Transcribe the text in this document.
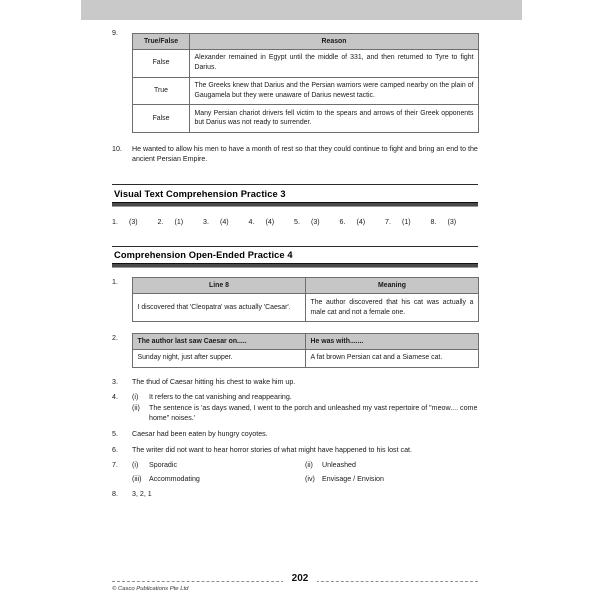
9.
True/False	Reason
False	Alexander remained in Egypt until the middle of 331, and then returned to Tyre to fight Darius.
True	The Greeks knew that Darius and the Persian warriors were camped nearby on the plain of Gaugamela but they were unaware of Darius newest tactic.
False	Many Persian chariot drivers fell victim to the spears and arrows of their Greek opponents but Darius was not ready to surrender.
10.	He wanted to allow his men to have a month of rest so that they could continue to fight and bring an end to the ancient Persian Empire.
Visual Text Comprehension Practice 3
1.	(3)	2.	(1)	3.	(4)	4.	(4)	5.	(3)	6.	(4)	7.	(1)	8.	(3)
Comprehension Open-Ended Practice 4
1.	Line 8	Meaning
I discovered that 'Cleopatra' was actually 'Caesar'.	The author discovered that his cat was actually a male cat and not a female one.
2.	The author last saw Caesar on.....	He was with.......
Sunday night, just after supper.	A fat brown Persian cat and a Siamese cat.
3.	The thud of Caesar hitting his chest to wake him up.
4.	(i)	It refers to the cat vanishing and reappearing.
(ii)	The sentence is 'as days waned, I went to the porch and unleashed my vast repertoire of "meow.... come home" noises.'
5.	Caesar had been eaten by hungry coyotes.
6.	The writer did not want to hear horror stories of what might have happened to his lost cat.
7.	(i)	Sporadic	(ii)	Unleashed
(iii)	Accommodating	(iv)	Envisage / Envision
8.	3, 2, 1
202
© Casco Publications Pte Ltd
